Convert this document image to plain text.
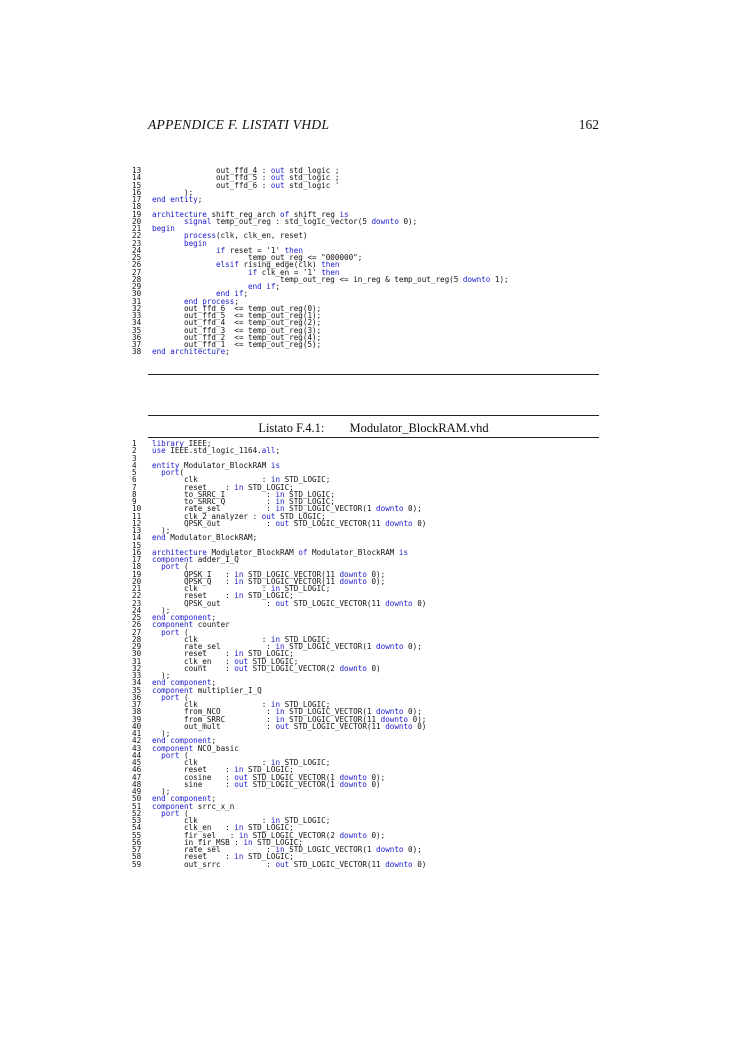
APPENDICE F. LISTATI VHDL	162
13              out_ffd_4 : out std_logic ;
14              out_ffd_5 : out std_logic ;
15              out_ffd_6 : out std_logic '
16       );
17 end entity;
18
19 architecture shift_reg_arch of shift_reg is
20	signal temp_out_reg : std_logic_vector(5 downto 0);
21 begin
22	process(clk, clk_en, reset)
23	begin
24	if reset = '1' then
25                     temp_out_reg <= "000000";
26	elsif rising_edge(clk) then
27	if clk_en = '1' then
28                            temp_out_reg <= in_reg & temp_out_reg(5 downto 1);
29	end if;
30	end if;
31	end process;
32       out_ffd_6  <= temp_out_reg(0);
33       out_ffd_5  <= temp_out_reg(1);
34       out_ffd_4  <= temp_out_reg(2);
35       out_ffd_3  <= temp_out_reg(3);
36       out_ffd_2  <= temp_out_reg(4);
37       out_ffd_1  <= temp_out_reg(5);
38 end architecture;
Listato F.4.1: Modulator_BlockRAM.vhd
1 library IEEE;
2 use IEEE.std_logic_1164.all;
3
4 entity Modulator_BlockRAM is
5	port(
6       clk              : in STD_LOGIC;
7       reset    : in STD_LOGIC;
8       to_SRRC_I         : in STD_LOGIC;
9       to_SRRC_Q         : in STD_LOGIC;
10       rate_sel          : in STD_LOGIC_VECTOR(1 downto 0);
11       clk_2_analyzer : out STD_LOGIC;
12       QPSK_out          : out STD_LOGIC_VECTOR(11 downto 0)
13  );
14 end Modulator_BlockRAM;
15
16 architecture Modulator_BlockRAM of Modulator_BlockRAM is
17 component adder_I_Q
18	port (
19       QPSK_I   : in STD_LOGIC_VECTOR(11 downto 0);
20       QPSK_Q   : in STD_LOGIC_VECTOR(11 downto 0);
21       clk              : in STD_LOGIC;
22       reset    : in STD_LOGIC;
23       QPSK_out          : out STD_LOGIC_VECTOR(11 downto 0)
24  );
25 end component;
26 component counter
27	port (
28       clk              : in STD_LOGIC;
29       rate_sel          : in STD_LOGIC_VECTOR(1 downto 0);
30       reset    : in STD_LOGIC;
31       clk_en   : out STD_LOGIC;
32       count    : out STD_LOGIC_VECTOR(2 downto 0)
33  );
34 end component;
35 component multiplier_I_Q
36	port (
37       clk              : in STD_LOGIC;
38       from_NCO          : in STD_LOGIC_VECTOR(1 downto 0);
39       from_SRRC         : in STD_LOGIC_VECTOR(11 downto 0);
40       out_mult          : out STD_LOGIC_VECTOR(11 downto 0)
41  );
42 end component;
43 component NCO_basic
44	port (
45       clk              : in STD_LOGIC;
46       reset    : in STD_LOGIC;
47       cosine   : out STD_LOGIC_VECTOR(1 downto 0);
48       sine     : out STD_LOGIC_VECTOR(1 downto 0)
49  );
50 end component;
51 component srrc_x_n
52	port (
53       clk              : in STD_LOGIC;
54       clk_en   : in STD_LOGIC;
55       fir_sel   : in STD_LOGIC_VECTOR(2 downto 0);
56       in_fir_MSB : in STD_LOGIC;
57       rate_sel          : in STD_LOGIC_VECTOR(1 downto 0);
58       reset    : in STD_LOGIC;
59       out_srrc          : out STD_LOGIC_VECTOR(11 downto 0)
